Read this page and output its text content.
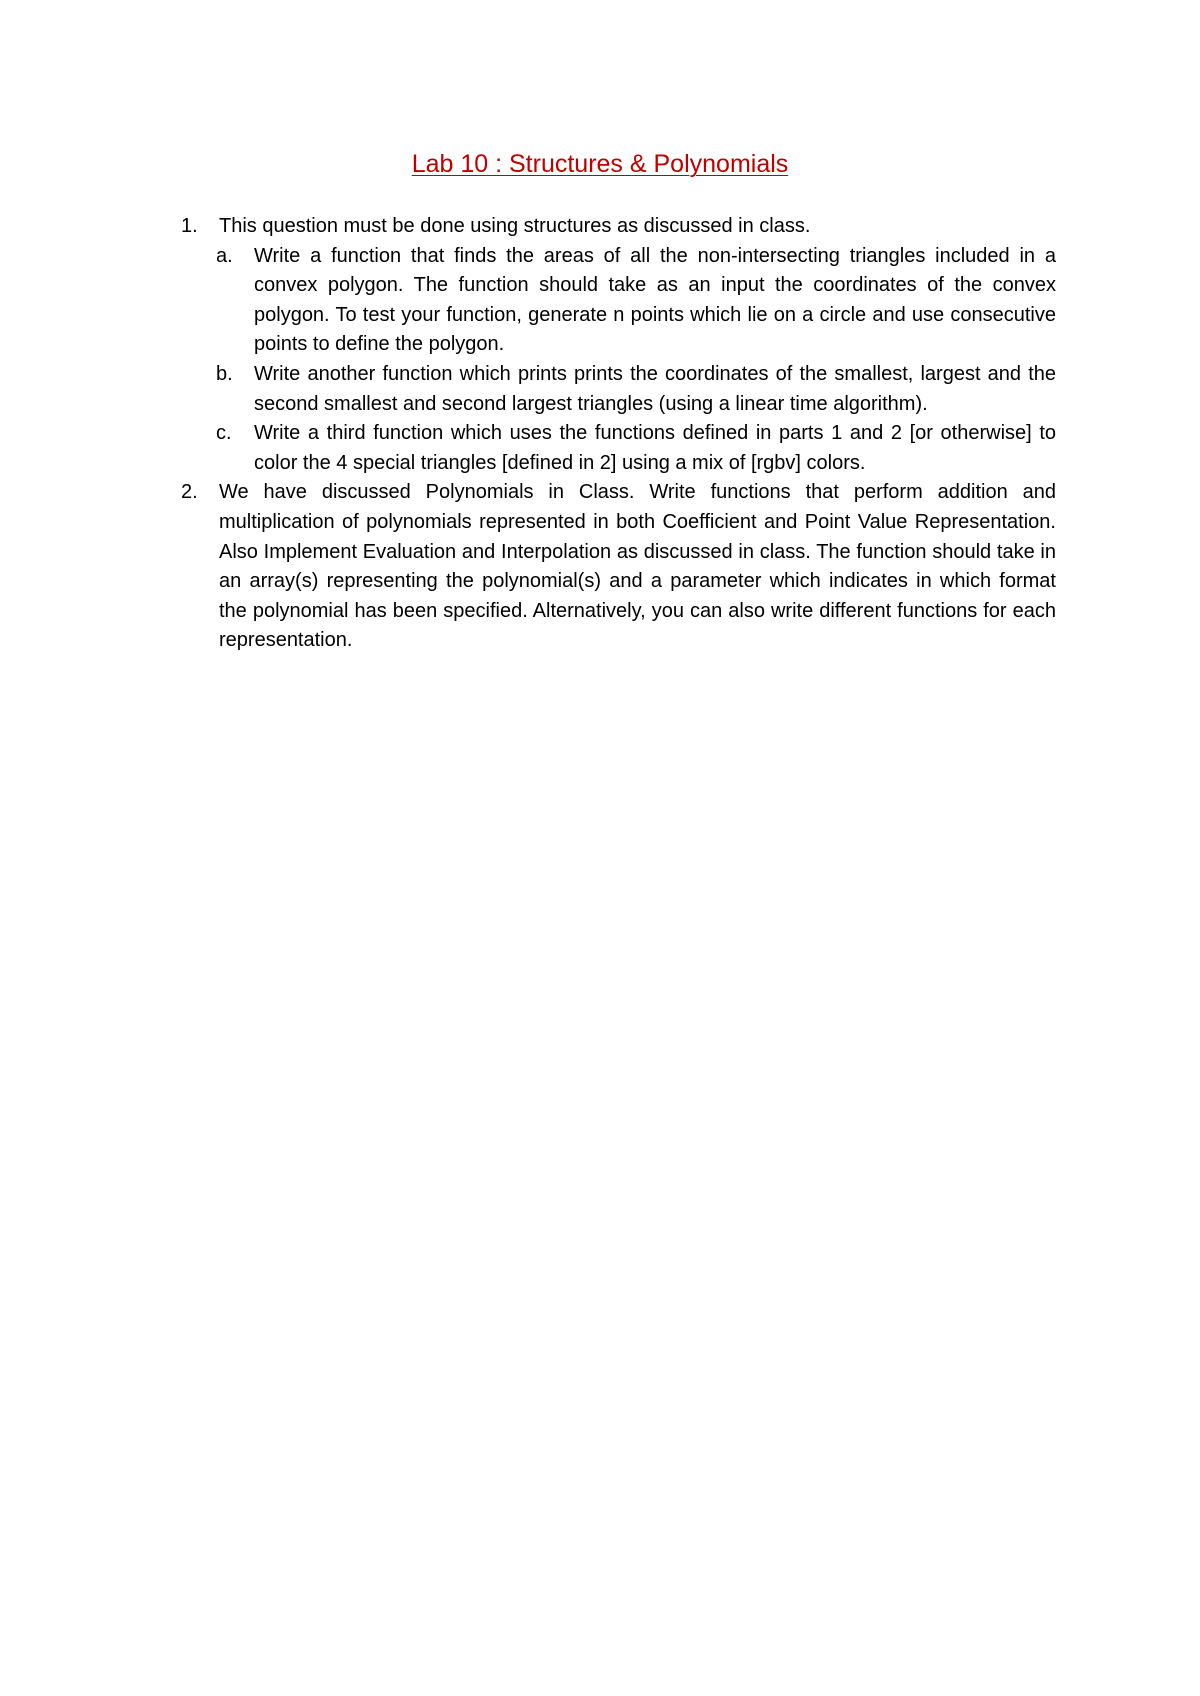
Lab 10 : Structures & Polynomials
1. This question must be done using structures as discussed in class.
a. Write a function that finds the areas of all the non-intersecting triangles included in a convex polygon. The function should take as an input the coordinates of the convex polygon. To test your function, generate n points which lie on a circle and use consecutive points to define the polygon.
b. Write another function which prints prints the coordinates of the smallest, largest and the second smallest and second largest triangles (using a linear time algorithm).
c. Write a third function which uses the functions defined in parts 1 and 2 [or otherwise] to color the 4 special triangles [defined in 2] using a mix of [rgbv] colors.
2. We have discussed Polynomials in Class. Write functions that perform addition and multiplication of polynomials represented in both Coefficient and Point Value Representation. Also Implement Evaluation and Interpolation as discussed in class. The function should take in an array(s) representing the polynomial(s) and a parameter which indicates in which format the polynomial has been specified. Alternatively, you can also write different functions for each representation.
